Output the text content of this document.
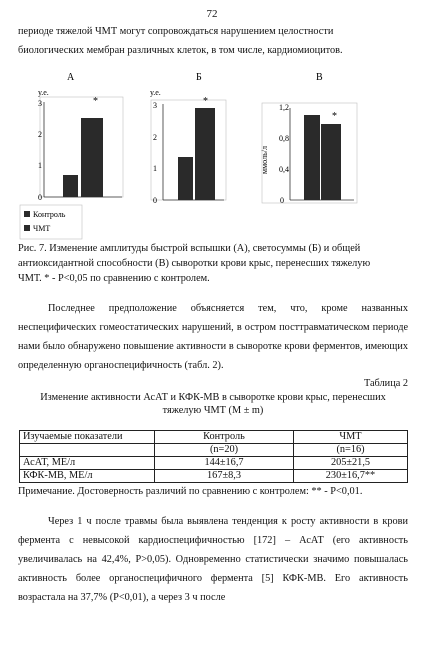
72
периоде тяжелой ЧМТ могут сопровождаться нарушением целостности
биологических мембран различных клеток, в том числе, кардиомиоцитов.
А
у.е.
0
1
2
3	*
Б
у.е.
0
1
2
3	*
В
ммоль/л
0
0,4
0,8
1,2
*
Контроль
ЧМТ
Рис. 7. Изменение амплитуды быстрой вспышки (А), светосуммы (Б) и общей
антиоксидантной способности (В) сыворотки крови крыс, перенесших тяжелую
ЧМТ. * - Р<0,05 по сравнению с контролем.
Последнее предположение объясняется тем, что, кроме названных неспецифических гомеостатических нарушений, в остром посттравматическом периоде нами было обнаружено повышение активности в сыворотке крови ферментов, имеющих определенную органоспецифичность (табл. 2).
Таблица 2
Изменение активности АсАТ и КФК-МВ в сыворотке крови крыс, перенесших
тяжелую ЧМТ (M ± m)
Изучаемые показатели	Контроль	ЧМТ
	(n=20)	(n=16)
АсАТ, МЕ/л	144±16,7	205±21,5
КФК-МВ, МЕ/л	167±8,3	230±16,7**
Примечание. Достоверность различий по сравнению с контролем: ** - Р<0,01.
Через 1 ч после травмы была выявлена тенденция к росту активности в крови фермента с невысокой кардиоспецифичностью [172] – АсАТ (его активность увеличивалась на 42,4%, Р>0,05). Одновременно статистически значимо повышалась активность более органоспецифичного фермента [5] КФК-МВ. Его активность возрастала на 37,7% (Р<0,01), а через 3 ч после
